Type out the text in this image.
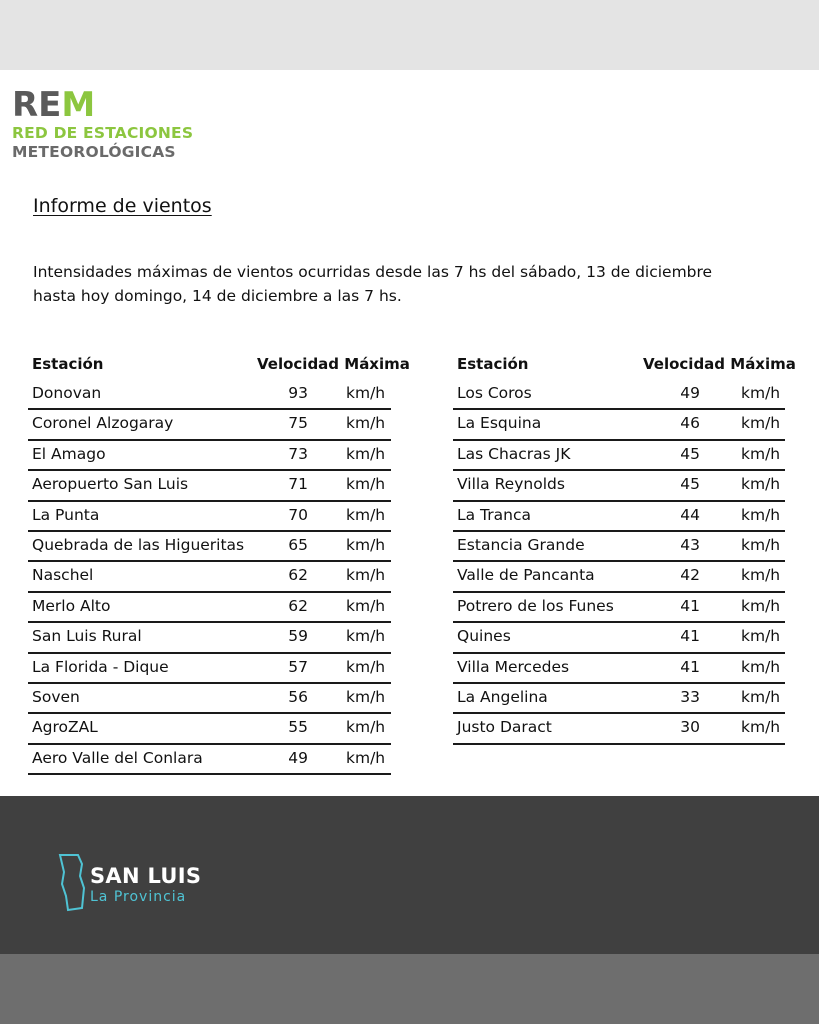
REM
RED DE ESTACIONES
METEOROLÓGICAS
Informe de vientos
Intensidades máximas de vientos ocurridas desde las 7 hs del sábado, 13 de diciembre
hasta hoy domingo, 14 de diciembre a las 7 hs.
Estación	Velocidad Máxima
Donovan	93 km/h
Coronel Alzogaray	75 km/h
El Amago	73 km/h
Aeropuerto San Luis	71 km/h
La Punta	70 km/h
Quebrada de las Higueritas	65 km/h
Naschel	62 km/h
Merlo Alto	62 km/h
San Luis Rural	59 km/h
La Florida - Dique	57 km/h
Soven	56 km/h
AgroZAL	55 km/h
Aero Valle del Conlara	49 km/h
Estación	Velocidad Máxima
Los Coros	49	km/h
La Esquina	46	km/h
Las Chacras JK	45	km/h
Villa Reynolds	45	km/h
La Tranca	44	km/h
Estancia Grande	43	km/h
Valle de Pancanta	42	km/h
Potrero de los Funes	41	km/h
Quines	41	km/h
Villa Mercedes	41	km/h
La Angelina	33	km/h
Justo Daract	30	km/h
SAN LUIS
La Provincia
